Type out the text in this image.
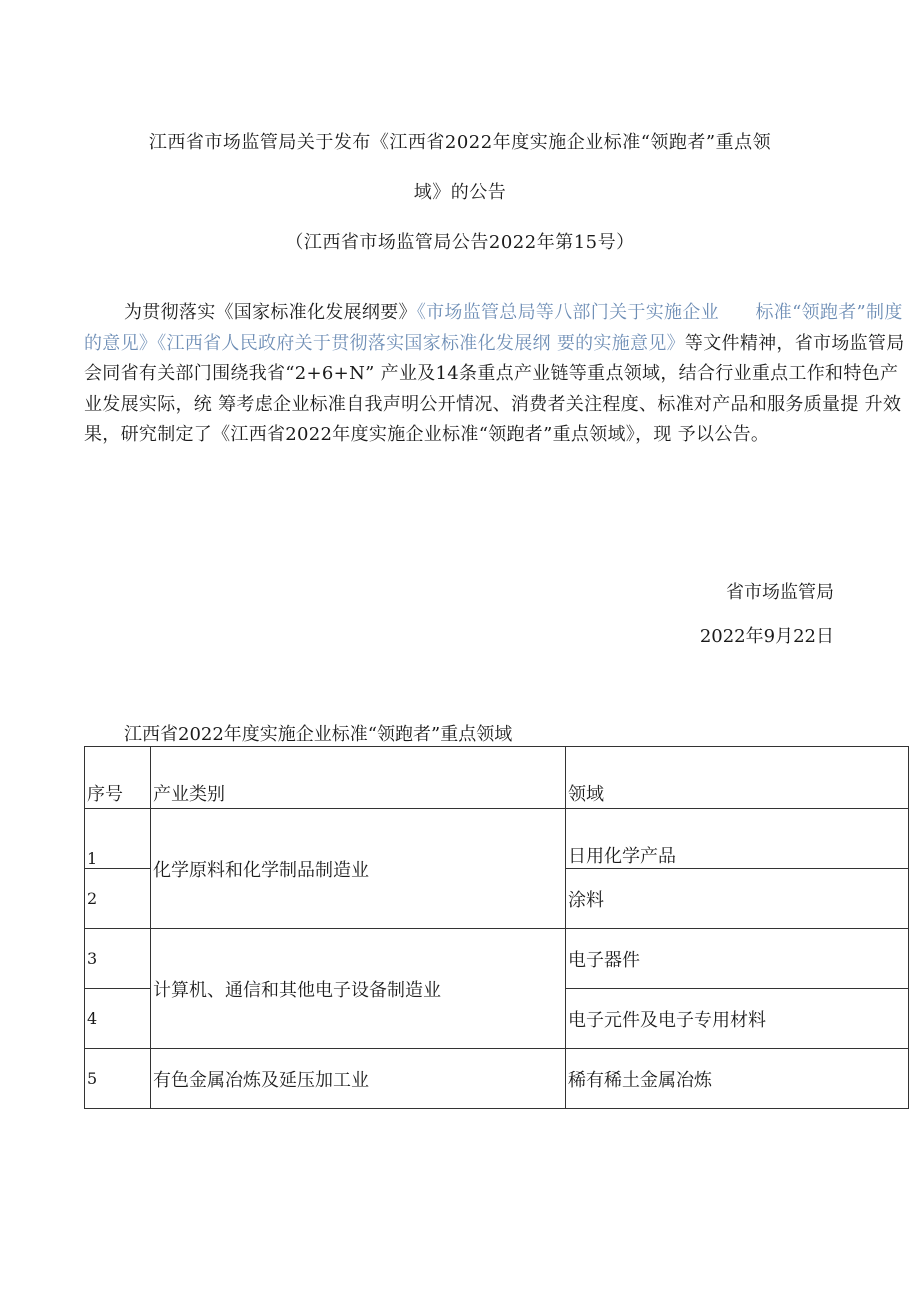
江西省市场监管局关于发布《江西省2022年度实施企业标准“领跑者”重点领
域》的公告
（江西省市场监管局公告2022年第15号）
为贯彻落实《国家标准化发展纲要》《市场监管总局等八部门关于实施企业　　标准“领跑者”制度的意见》《江西省人民政府关于贯彻落实国家标准化发展纲 要的实施意见》等文件精神，省市场监管局会同省有关部门围绕我省“2+6+N” 产业及14条重点产业链等重点领域，结合行业重点工作和特色产业发展实际，统 筹考虑企业标准自我声明公开情况、消费者关注程度、标准对产品和服务质量提 升效果，研究制定了《江西省2022年度实施企业标准“领跑者”重点领域》，现 予以公告。
省市场监管局
2022年9月22日
江西省2022年度实施企业标准“领跑者”重点领域
序号	产业类别	领域
1	化学原料和化学制品制造业	日用化学产品
2		涂料
3	计算机、通信和其他电子设备制造业	电子器件
4		电子元件及电子专用材料
5	有色金属冶炼及延压加工业	稀有稀土金属冶炼
